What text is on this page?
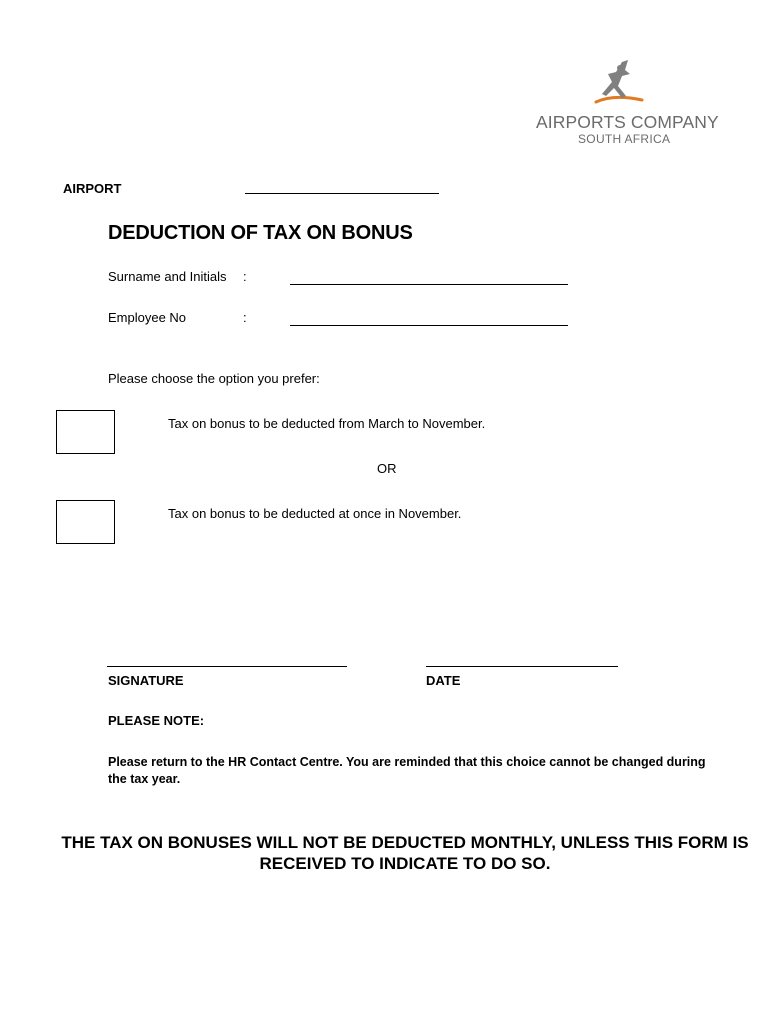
AIRPORTS COMPANY
SOUTH AFRICA
AIRPORT
DEDUCTION OF TAX ON BONUS
Surname and Initials :
Employee No	:
Please choose the option you prefer:
Tax on bonus to be deducted from March to November.
OR
Tax on bonus to be deducted at once in November.
SIGNATURE	DATE
PLEASE NOTE:
Please return to the HR Contact Centre. You are reminded that this choice cannot be changed during the tax year.
THE TAX ON BONUSES WILL NOT BE DEDUCTED MONTHLY, UNLESS THIS FORM IS RECEIVED TO INDICATE TO DO SO.
